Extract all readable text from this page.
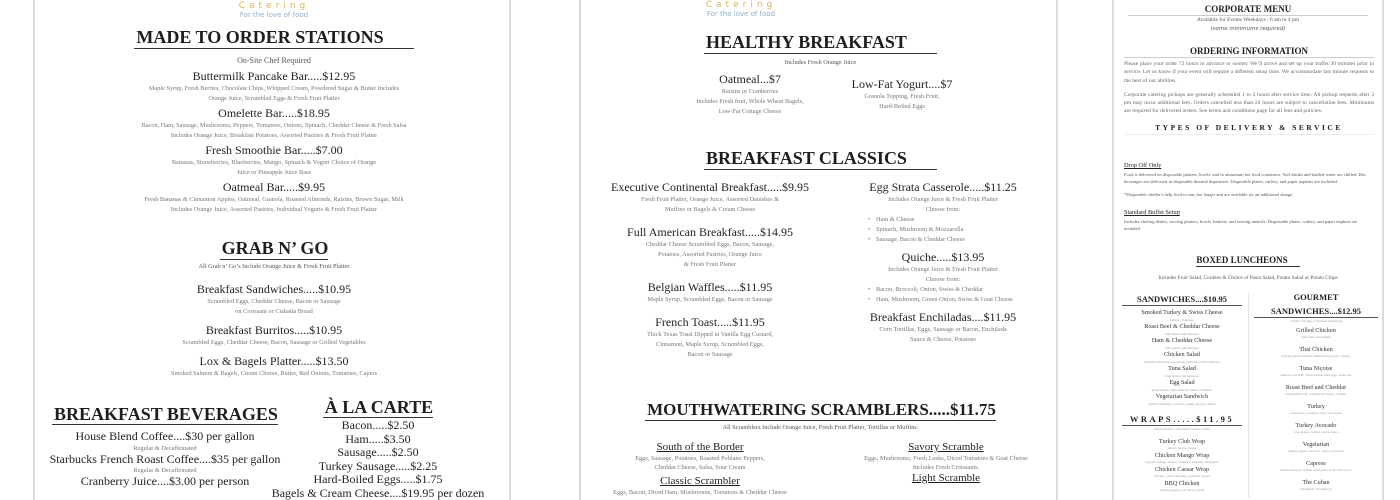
Catering
For the love of food
MADE TO ORDER STATIONS
On-Site Chef Required
Buttermilk Pancake Bar.....$12.95
Maple Syrup, Fresh Berries, Chocolate Chips, Whipped Cream, Powdered Sugar & Butter Includes
Orange Juice, Scrambled Eggs & Fresh Fruit Platter
Omelette Bar.....$18.95
Bacon, Ham, Sausage, Mushrooms, Peppers, Tomatoes, Onions, Spinach, Cheddar Cheese & Fresh Salsa
Includes Orange Juice, Breakfast Potatoes, Assorted Pastries & Fresh Fruit Platter
Fresh Smoothie Bar.....$7.00
Bananas, Strawberries, Blueberries, Mango, Spinach & Yogurt Choice of Orange
Juice or Pineapple Juice Base
Oatmeal Bar.....$9.95
Fresh Bananas & Cinnamon Apples, Oatmeal, Granola, Roasted Almonds, Raisins, Brown Sugar, Milk
Includes Orange Juice, Assorted Pastries, Individual Yogurts & Fresh Fruit Platter
GRAB N’ GO
All Grab n’ Go’s Include Orange Juice & Fresh Fruit Platter
Breakfast Sandwiches.....$10.95
Scrambled Eggs, Cheddar Cheese, Bacon or Sausage
on Croissant or Ciabatta Bread
Breakfast Burritos.....$10.95
Scrambled Eggs, Cheddar Cheese, Bacon, Sausage or Grilled Vegetables
Lox & Bagels Platter.....$13.50
Smoked Salmon & Bagels, Cream Cheese, Butter, Red Onions, Tomatoes, Capers
BREAKFAST BEVERAGES
House Blend Coffee....$30 per gallon
Regular & Decaffeinated
Starbucks French Roast Coffee....$35 per gallon
Regular & Decaffeinated
Cranberry Juice....$3.00 per person
À LA CARTE
Bacon.....$2.50
Ham.....$3.50
Sausage.....$2.50
Turkey Sausage.....$2.25
Hard-Boiled Eggs.....$1.75
Bagels & Cream Cheese....$19.95 per dozen
Catering
For the love of food
HEALTHY BREAKFAST
Includes Fresh Orange Juice
Oatmeal...$7
Raisins or Cranberries
Includes Fresh fruit, Whole Wheat Bagels,
Low-Fat Cottage Cheese
Low-Fat Yogurt....$7
Granola Topping, Fresh Fruit,
Hard-Boiled Eggs
BREAKFAST CLASSICS
Executive Continental Breakfast.....$9.95
Fresh Fruit Platter, Orange Juice, Assorted Danishes &
Muffins or Bagels & Cream Cheese
Full American Breakfast.....$14.95
Cheddar Cheese Scrambled Eggs, Bacon, Sausage,
Potatoes, Assorted Pastries, Orange Juice
& Fresh Fruit Platter
Belgian Waffles.....$11.95
Maple Syrup, Scrambled Eggs, Bacon or Sausage
French Toast.....$11.95
Thick Texas Toast Dipped in Vanilla Egg Custard,
Cinnamon, Maple Syrup, Scrambled Eggs,
Bacon or Sausage
Egg Strata Casserole.....$11.25
Includes Orange Juice & Fresh Fruit Platter
Choose from:
• Ham & Cheese
• Spinach, Mushroom & Mozzarella
• Sausage, Bacon & Cheddar Cheese
Quiche.....$13.95
Includes Orange Juice & Fresh Fruit Platter
Choose from:
• Bacon, Broccoli, Onion, Swiss & Cheddar
• Ham, Mushroom, Green Onion, Swiss & Goat Cheese
Breakfast Enchiladas....$11.95
Corn Tortillas, Eggs, Sausage or Bacon, Enchilada
Sauce & Cheese, Potatoes
MOUTHWATERING SCRAMBLERS.....$11.75
All Scramblers Include Orange Juice, Fresh Fruit Platter, Tortillas or Muffins.
South of the Border
Eggs, Sausage, Potatoes, Roasted Poblano Peppers,
Cheddar Cheese, Salsa, Sour Cream
Classic Scrambler
Eggs, Bacon, Diced Ham, Mushrooms, Tomatoes & Cheddar Cheese
Savory Scramble
Eggs, Mushrooms, Fresh Leeks, Diced Tomatoes & Goat Cheese
Includes Fresh Croissants.
Light Scramble
CORPORATE MENU
Available for Events Weekdays / 6 am to 4 pm
(some minimums required)
ORDERING INFORMATION
Please place your order 72 hours in advance or sooner. We’ll arrive and set up your buffet 30 minutes prior to service. Let us know if your event will require a different setup time. We accommodate last minute requests to the best of our abilities.
Corporate catering pickups are generally scheduled 1 to 2 hours after service time. All pickup requests after 3 pm may incur additional fees. Orders cancelled less than 24 hours are subject to cancellation fees. Minimums are required for delivered orders. See terms and conditions page for all fees and policies.
TYPES OF DELIVERY & SERVICE
Drop Off Only
Food is delivered on disposable platters, bowls, and in aluminum hot food containers. Soft drinks and bottled water are chilled. Hot beverages are delivered in disposable thermal dispensers. Disposable plates, cutlery, and paper napkins are included.
*Disposable chaffer's help food to stay hot longer and are available for an additional charge.
Standard Buffet Setup
Includes chafing dishes, serving platters, bowls, baskets, and serving utensils. Disposable plates, cutlery, and paper napkins are included.
BOXED LUNCHEONS
Includes Fruit Salad, Cookies & Choice of Pasta Salad, Potato Salad or Potato Chips
SANDWICHES....$10.95
Smoked Turkey & Swiss Cheese
Lettuce, Tomatoes
Roast Beef & Cheddar Cheese
with lettuce and tomatoes
Ham & Cheddar Cheese
with lettuce and tomatoes
Chicken Salad
blended with herbs and onions with lettuce and tomatoes
Tuna Salad
with lettuce and tomatoes
Egg Salad
green onions, dijon mustard, lettuce, tomatoes
Vegetarian Sandwich
grilled vegetables, avocado, alfalfa sprouts, cheese
WRAPS.....$11.95
Whole Wheat or Sun-dried Tomato Tortilla
Turkey Club Wrap
turkey, bacon, cheese
Chicken Mango Wrap
peppers, mango, lettuce, tomatoes, balsamic vinaigrette
Chicken Caesar Wrap
chicken, caesar dressing, parmesan cheese
BBQ Chicken
roasted peppers, red onion, gouda
GOURMET
SANDWICHES....$12.95
Ciabatta, Hoagie, or Toasted Sourdough
Grilled Chicken
basil pesto and arugula
Thai Chicken
teriyaki glazed chicken, melted Gorgonzola, cilantro
Tuna Niçoise
albacore, red bell, olives, hard-boiled eggs, anchovies
Roast Beef and Cheddar
horseradish aioli, caramelized onions, cheddar
Turkey
sweet peas, cranberry aioli, brie cheese
Turkey Avocado
crisp greens, tomato, lemon mayo
Vegetarian
grilled veggies, avocado, pesto, provolone
Caprese
Roma tomatoes, buffalo mozzarella, fresh basil, pesto
The Cuban
(minimum 10 required)
